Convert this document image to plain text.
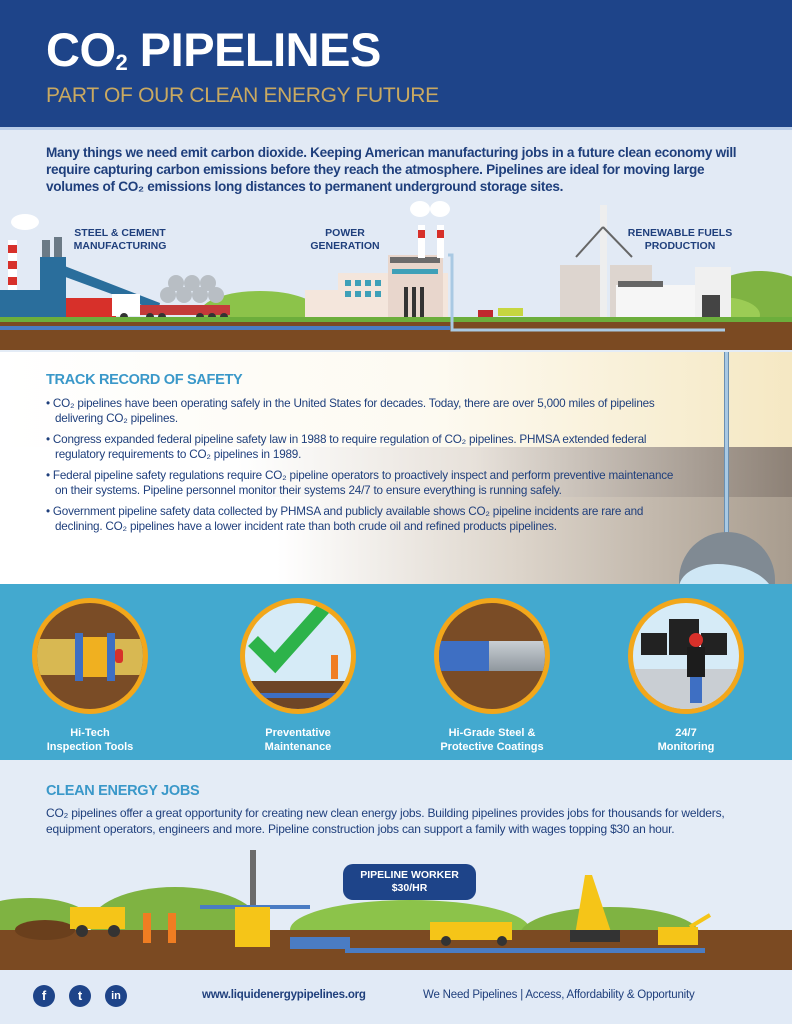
$CO_2$ PIPELINES
PART OF OUR CLEAN ENERGY FUTURE
Many things we need emit carbon dioxide. Keeping American manufacturing jobs in a future clean economy will require capturing carbon emissions before they reach the atmosphere. Pipelines are ideal for moving large volumes of CO₂ emissions long distances to permanent underground storage sites.
STEEL & CEMENT
MANUFACTURING
POWER
GENERATION
RENEWABLE FUELS
PRODUCTION
TRACK RECORD OF SAFETY
• CO₂ pipelines have been operating safely in the United States for decades. Today, there are over 5,000 miles of pipelines delivering CO₂ pipelines.
• Congress expanded federal pipeline safety law in 1988 to require regulation of CO₂ pipelines. PHMSA extended federal regulatory requirements to CO₂ pipelines in 1989.
• Federal pipeline safety regulations require CO₂ pipeline operators to proactively inspect and perform preventive maintenance on their systems. Pipeline personnel monitor their systems 24/7 to ensure everything is running safely.
• Government pipeline safety data collected by PHMSA and publicly available shows CO₂ pipeline incidents are rare and declining. CO₂ pipelines have a lower incident rate than both crude oil and refined products pipelines.
Hi-Tech
Inspection Tools
Preventative
Maintenance
Hi-Grade Steel &
Protective Coatings
24/7
Monitoring
CLEAN ENERGY JOBS

CO₂ pipelines offer a great opportunity for creating new clean energy jobs. Building pipelines provides jobs for thousands for welders, equipment operators, engineers and more. Pipeline construction jobs can support a family with wages topping $30 an hour.

PIPELINE WORKER
$30/HR
f	t	in	www.liquidenergypipelines.org	We Need Pipelines | Access, Affordability & Opportunity
